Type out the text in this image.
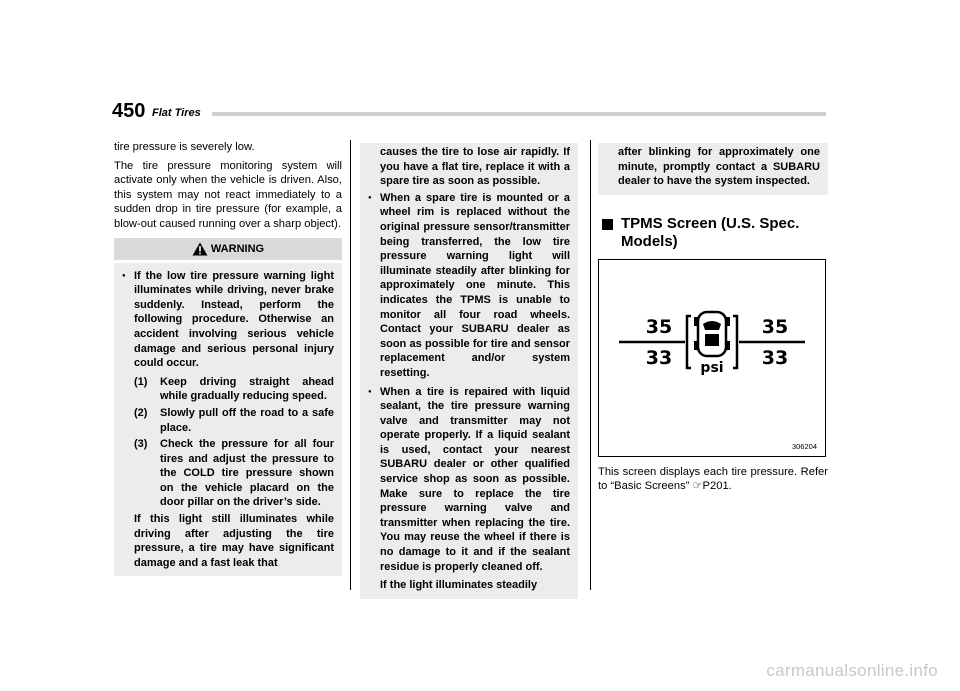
450 Flat Tires

tire pressure is severely low.

The tire pressure monitoring system will activate only when the vehicle is driven. Also, this system may not react immediately to a sudden drop in tire pressure (for example, a blow-out caused running over a sharp object).

WARNING

● If the low tire pressure warning light illuminates while driving, never brake suddenly. Instead, perform the following procedure. Otherwise an accident involving serious vehicle damage and serious personal injury could occur.

(1) Keep driving straight ahead while gradually reducing speed.

(2) Slowly pull off the road to a safe place.

(3) Check the pressure for all four tires and adjust the pressure to the COLD tire pressure shown on the vehicle placard on the door pillar on the driver’s side.

If this light still illuminates while driving after adjusting the tire pressure, a tire may have significant damage and a fast leak that

causes the tire to lose air rapidly. If you have a flat tire, replace it with a spare tire as soon as possible.

● When a spare tire is mounted or a wheel rim is replaced without the original pressure sensor/transmitter being transferred, the low tire pressure warning light will illuminate steadily after blinking for approximately one minute. This indicates the TPMS is unable to monitor all four road wheels. Contact your SUBARU dealer as soon as possible for tire and sensor replacement and/or system resetting.

● When a tire is repaired with liquid sealant, the tire pressure warning valve and transmitter may not operate properly. If a liquid sealant is used, contact your nearest SUBARU dealer or other qualified service shop as soon as possible. Make sure to replace the tire pressure warning valve and transmitter when replacing the tire. You may reuse the wheel if there is no damage to it and if the sealant residue is properly cleaned off.

If the light illuminates steadily

after blinking for approximately one minute, promptly contact a SUBARU dealer to have the system inspected.

TPMS Screen (U.S. Spec. Models)
35	35
33	33
psi
306204

This screen displays each tire pressure. Refer to “Basic Screens” ☞P201.

carmanualsonline.info
